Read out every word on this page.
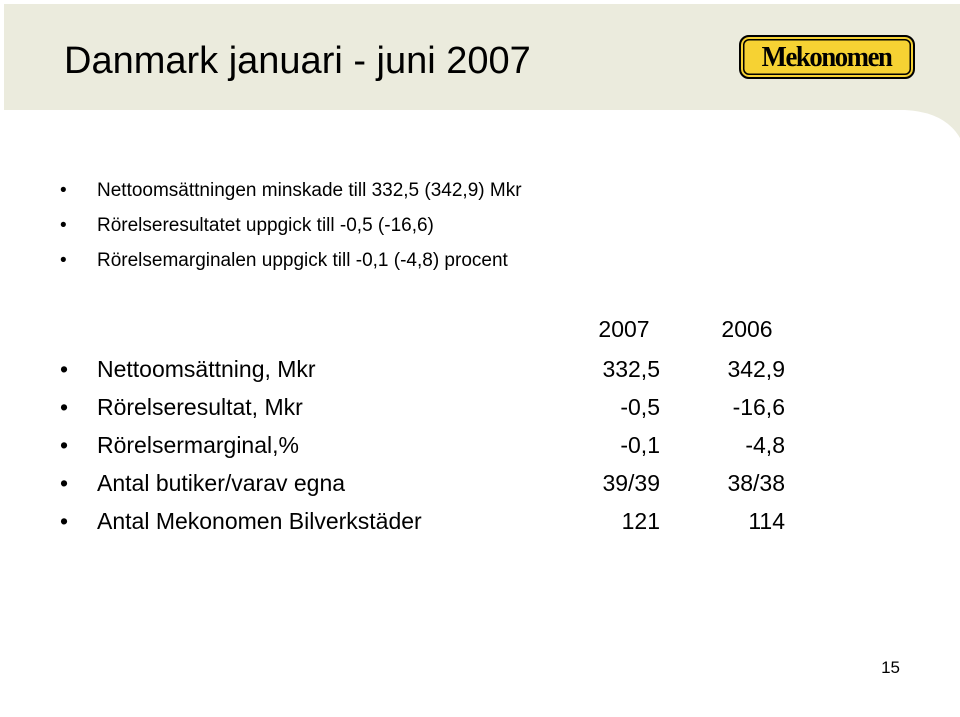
Danmark januari - juni 2007	Mekonomen
• Nettoomsättningen minskade till 332,5 (342,9) Mkr
• Rörelseresultatet uppgick till -0,5 (-16,6)
• Rörelsemarginalen uppgick till -0,1 (-4,8) procent
2007	2006
• Nettoomsättning, Mkr	332,5	342,9
• Rörelseresultat, Mkr	-0,5	-16,6
• Rörelsermarginal,%	-0,1	-4,8
• Antal butiker/varav egna	39/39	38/38
• Antal Mekonomen Bilverkstäder	121	114
15
